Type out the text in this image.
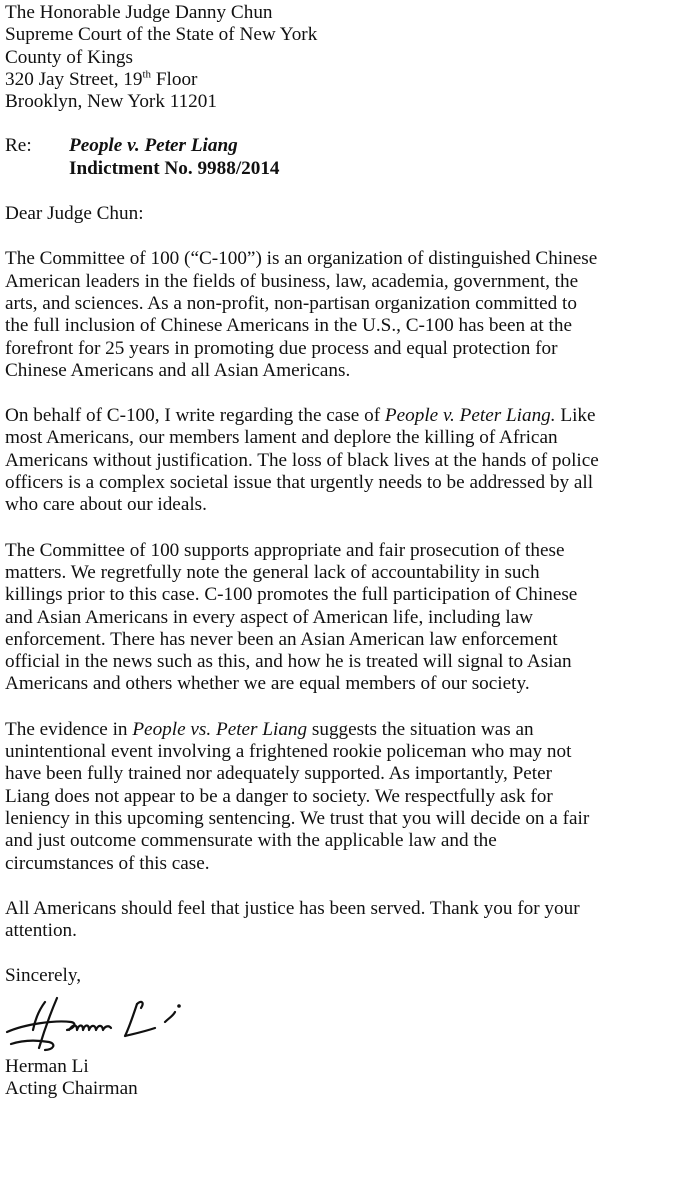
The Honorable Judge Danny Chun
Supreme Court of the State of New York
County of Kings
320 Jay Street, 19th Floor
Brooklyn, New York 11201
Re:	People v. Peter Liang
Indictment No. 9988/2014
Dear Judge Chun:

The Committee of 100 (“C-100”) is an organization of distinguished Chinese
American leaders in the fields of business, law, academia, government, the
arts, and sciences. As a non-profit, non-partisan organization committed to
the full inclusion of Chinese Americans in the U.S., C-100 has been at the
forefront for 25 years in promoting due process and equal protection for
Chinese Americans and all Asian Americans.

On behalf of C-100, I write regarding the case of People v. Peter Liang. Like
most Americans, our members lament and deplore the killing of African
Americans without justification. The loss of black lives at the hands of police
officers is a complex societal issue that urgently needs to be addressed by all
who care about our ideals.

The Committee of 100 supports appropriate and fair prosecution of these
matters. We regretfully note the general lack of accountability in such
killings prior to this case. C-100 promotes the full participation of Chinese
and Asian Americans in every aspect of American life, including law
enforcement. There has never been an Asian American law enforcement
official in the news such as this, and how he is treated will signal to Asian
Americans and others whether we are equal members of our society.

The evidence in People vs. Peter Liang suggests the situation was an
unintentional event involving a frightened rookie policeman who may not
have been fully trained nor adequately supported. As importantly, Peter
Liang does not appear to be a danger to society. We respectfully ask for
leniency in this upcoming sentencing. We trust that you will decide on a fair
and just outcome commensurate with the applicable law and the
circumstances of this case.

All Americans should feel that justice has been served. Thank you for your
attention.

Sincerely,
Herman Li
Acting Chairman
